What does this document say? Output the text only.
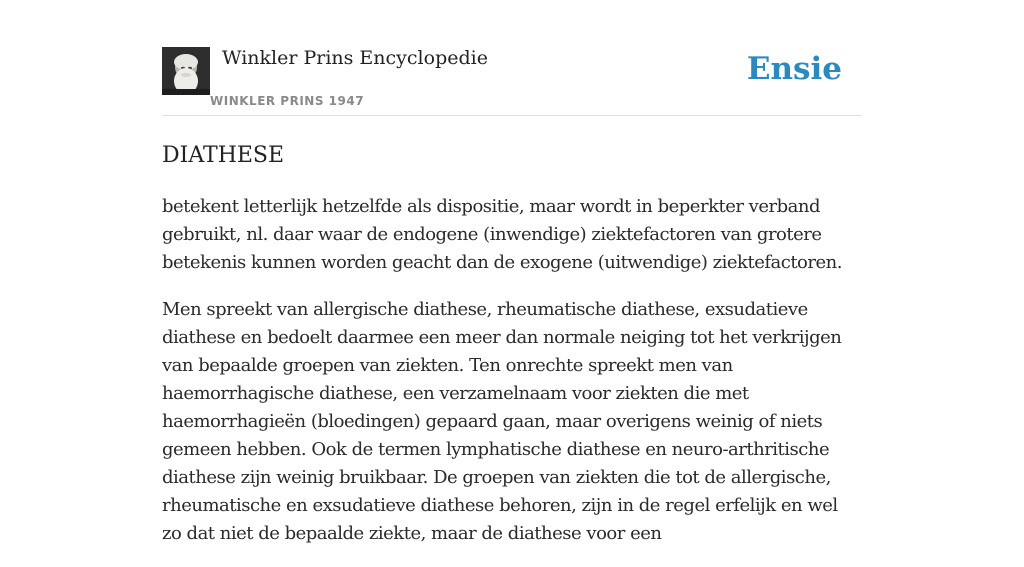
Winkler Prins Encyclopedie
WINKLER PRINS 1947
Ensie
DIATHESE

betekent letterlijk hetzelfde als dispositie, maar wordt in beperkter verband gebruikt, nl. daar waar de endogene (inwendige) ziektefactoren van grotere betekenis kunnen worden geacht dan de exogene (uitwendige) ziektefactoren.

Men spreekt van allergische diathese, rheumatische diathese, exsudatieve diathese en bedoelt daarmee een meer dan normale neiging tot het verkrijgen van bepaalde groepen van ziekten. Ten onrechte spreekt men van haemorrhagische diathese, een verzamelnaam voor ziekten die met haemorrhagieën (bloedingen) gepaard gaan, maar overigens weinig of niets gemeen hebben. Ook de termen lymphatische diathese en neuro-arthritische diathese zijn weinig bruikbaar. De groepen van ziekten die tot de allergische, rheumatische en exsudatieve diathese behoren, zijn in de regel erfelijk en wel zo dat niet de bepaalde ziekte, maar de diathese voor een
